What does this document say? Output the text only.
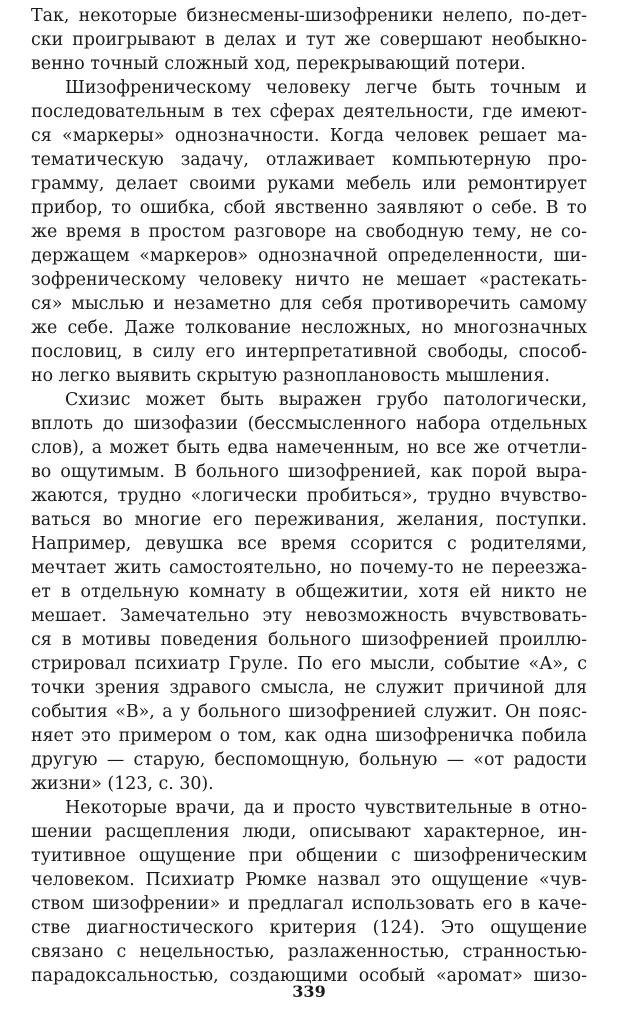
Так, некоторые бизнесмены-шизофреники нелепо, по-дет-
ски проигрывают в делах и тут же совершают необыкно-
венно точный сложный ход, перекрывающий потери.
Шизофреническому человеку легче быть точным и
последовательным в тех сферах деятельности, где имеют-
ся «маркеры» однозначности. Когда человек решает ма-
тематическую задачу, отлаживает компьютерную про-
грамму, делает своими руками мебель или ремонтирует
прибор, то ошибка, сбой явственно заявляют о себе. В то
же время в простом разговоре на свободную тему, не со-
держащем «маркеров» однозначной определенности, ши-
зофреническому человеку ничто не мешает «растекать-
ся» мыслью и незаметно для себя противоречить самому
же себе. Даже толкование несложных, но многозначных
пословиц, в силу его интерпретативной свободы, способ-
но легко выявить скрытую разноплановость мышления.
Схизис может быть выражен грубо патологически,
вплоть до шизофазии (бессмысленного набора отдельных
слов), а может быть едва намеченным, но все же отчетли-
во ощутимым. В больного шизофренией, как порой выра-
жаются, трудно «логически пробиться», трудно вчувство-
ваться во многие его переживания, желания, поступки.
Например, девушка все время ссорится с родителями,
мечтает жить самостоятельно, но почему-то не переезжа-
ет в отдельную комнату в общежитии, хотя ей никто не
мешает. Замечательно эту невозможность вчувствовать-
ся в мотивы поведения больного шизофренией проиллю-
стрировал психиатр Груле. По его мысли, событие «А», с
точки зрения здравого смысла, не служит причиной для
события «В», а у больного шизофренией служит. Он пояс-
няет это примером о том, как одна шизофреничка побила
другую — старую, беспомощную, больную — «от радости
жизни» (123, с. 30).
Некоторые врачи, да и просто чувствительные в отно-
шении расщепления люди, описывают характерное, ин-
туитивное ощущение при общении с шизофреническим
человеком. Психиатр Рюмке назвал это ощущение «чув-
ством шизофрении» и предлагал использовать его в каче-
стве диагностического критерия (124). Это ощущение
связано с нецельностью, разлаженностью, странностью-
парадоксальностью, создающими особый «аромат» шизо-
339
